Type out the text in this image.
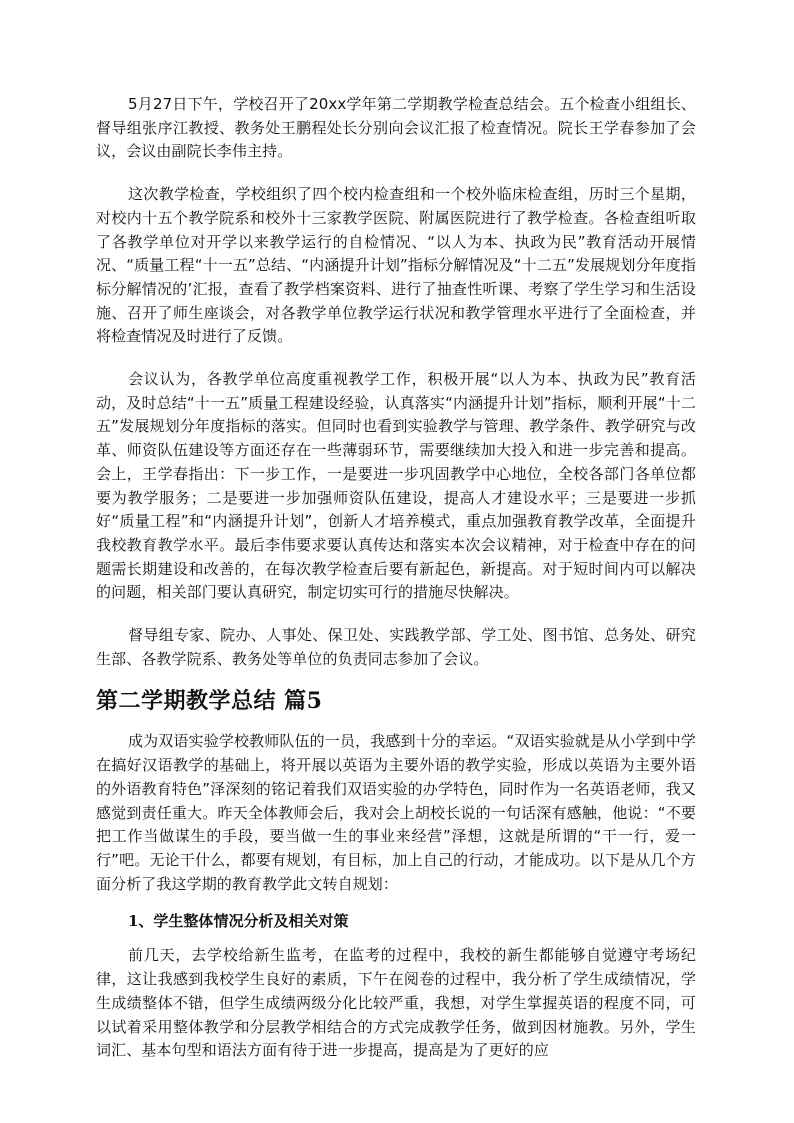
5月27日下午，学校召开了20xx学年第二学期教学检查总结会。五个检查小组组长、督导组张序江教授、教务处王鹏程处长分别向会议汇报了检查情况。院长王学春参加了会议，会议由副院长李伟主持。

这次教学检查，学校组织了四个校内检查组和一个校外临床检查组，历时三个星期，对校内十五个教学院系和校外十三家教学医院、附属医院进行了教学检查。各检查组听取了各教学单位对开学以来教学运行的自检情况、“以人为本、执政为民”教育活动开展情况、“质量工程“十一五”总结、“内涵提升计划”指标分解情况及“十二五”发展规划分年度指标分解情况的’汇报，查看了教学档案资料、进行了抽查性听课、考察了学生学习和生活设施、召开了师生座谈会，对各教学单位教学运行状况和教学管理水平进行了全面检查，并将检查情况及时进行了反馈。

会议认为，各教学单位高度重视教学工作，积极开展“以人为本、执政为民”教育活动，及时总结“十一五”质量工程建设经验，认真落实“内涵提升计划”指标，顺利开展“十二五”发展规划分年度指标的落实。但同时也看到实验教学与管理、教学条件、教学研究与改革、师资队伍建设等方面还存在一些薄弱环节，需要继续加大投入和进一步完善和提高。会上，王学春指出：下一步工作，一是要进一步巩固教学中心地位，全校各部门各单位都要为教学服务；二是要进一步加强师资队伍建设，提高人才建设水平；三是要进一步抓好“质量工程”和“内涵提升计划”，创新人才培养模式，重点加强教育教学改革，全面提升我校教育教学水平。最后李伟要求要认真传达和落实本次会议精神，对于检查中存在的问题需长期建设和改善的，在每次教学检查后要有新起色，新提高。对于短时间内可以解决的问题，相关部门要认真研究，制定切实可行的措施尽快解决。

督导组专家、院办、人事处、保卫处、实践教学部、学工处、图书馆、总务处、研究生部、各教学院系、教务处等单位的负责同志参加了会议。

第二学期教学总结 篇5

成为双语实验学校教师队伍的一员，我感到十分的幸运。“双语实验就是从小学到中学在搞好汉语教学的基础上，将开展以英语为主要外语的教学实验，形成以英语为主要外语的外语教育特色”泽深刻的铭记着我们双语实验的办学特色，同时作为一名英语老师，我又感觉到责任重大。昨天全体教师会后，我对会上胡校长说的一句话深有感触，他说：“不要把工作当做谋生的手段，要当做一生的事业来经营”泽想，这就是所谓的“干一行，爱一行”吧。无论干什么，都要有规划，有目标，加上自己的行动，才能成功。以下是从几个方面分析了我这学期的教育教学此文转自规划：

1、学生整体情况分析及相关对策

前几天，去学校给新生监考，在监考的过程中，我校的新生都能够自觉遵守考场纪律，这让我感到我校学生良好的素质，下午在阅卷的过程中，我分析了学生成绩情况，学生成绩整体不错，但学生成绩两级分化比较严重，我想，对学生掌握英语的程度不同，可以试着采用整体教学和分层教学相结合的方式完成教学任务，做到因材施教。另外，学生词汇、基本句型和语法方面有待于进一步提高，提高是为了更好的应
